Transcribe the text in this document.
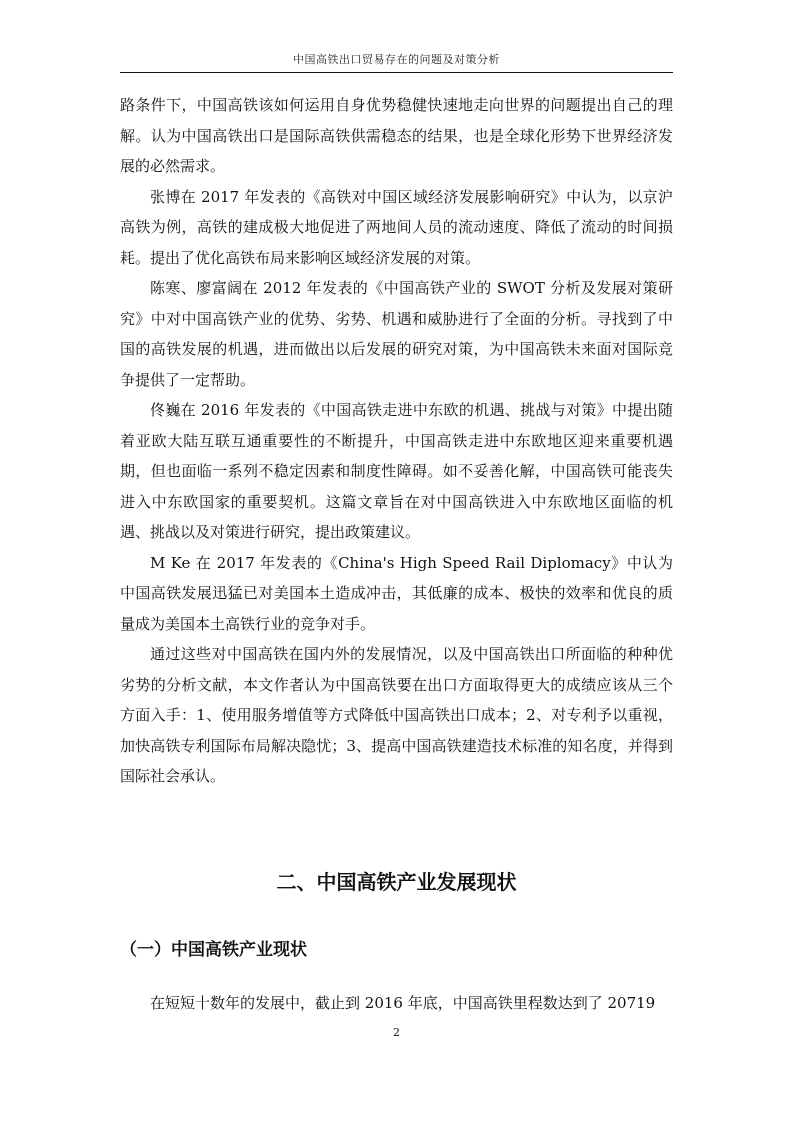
中国高铁出口贸易存在的问题及对策分析

路条件下，中国高铁该如何运用自身优势稳健快速地走向世界的问题提出自己的理解。认为中国高铁出口是国际高铁供需稳态的结果，也是全球化形势下世界经济发展的必然需求。

张博在 2017 年发表的《高铁对中国区域经济发展影响研究》中认为，以京沪高铁为例，高铁的建成极大地促进了两地间人员的流动速度、降低了流动的时间损耗。提出了优化高铁布局来影响区域经济发展的对策。

陈寒、廖富阔在 2012 年发表的《中国高铁产业的 SWOT 分析及发展对策研究》中对中国高铁产业的优势、劣势、机遇和威胁进行了全面的分析。寻找到了中国的高铁发展的机遇，进而做出以后发展的研究对策，为中国高铁未来面对国际竞争提供了一定帮助。

佟巍在 2016 年发表的《中国高铁走进中东欧的机遇、挑战与对策》中提出随着亚欧大陆互联互通重要性的不断提升，中国高铁走进中东欧地区迎来重要机遇期，但也面临一系列不稳定因素和制度性障碍。如不妥善化解，中国高铁可能丧失进入中东欧国家的重要契机。这篇文章旨在对中国高铁进入中东欧地区面临的机遇、挑战以及对策进行研究，提出政策建议。

M Ke 在 2017 年发表的《China's High Speed Rail Diplomacy》中认为中国高铁发展迅猛已对美国本土造成冲击，其低廉的成本、极快的效率和优良的质量成为美国本土高铁行业的竞争对手。

通过这些对中国高铁在国内外的发展情况，以及中国高铁出口所面临的种种优劣势的分析文献，本文作者认为中国高铁要在出口方面取得更大的成绩应该从三个方面入手：1、使用服务增值等方式降低中国高铁出口成本；2、对专利予以重视，加快高铁专利国际布局解决隐忧；3、提高中国高铁建造技术标准的知名度，并得到国际社会承认。

二、中国高铁产业发展现状
（一）中国高铁产业现状

在短短十数年的发展中，截止到 2016 年底，中国高铁里程数达到了 20719

2
